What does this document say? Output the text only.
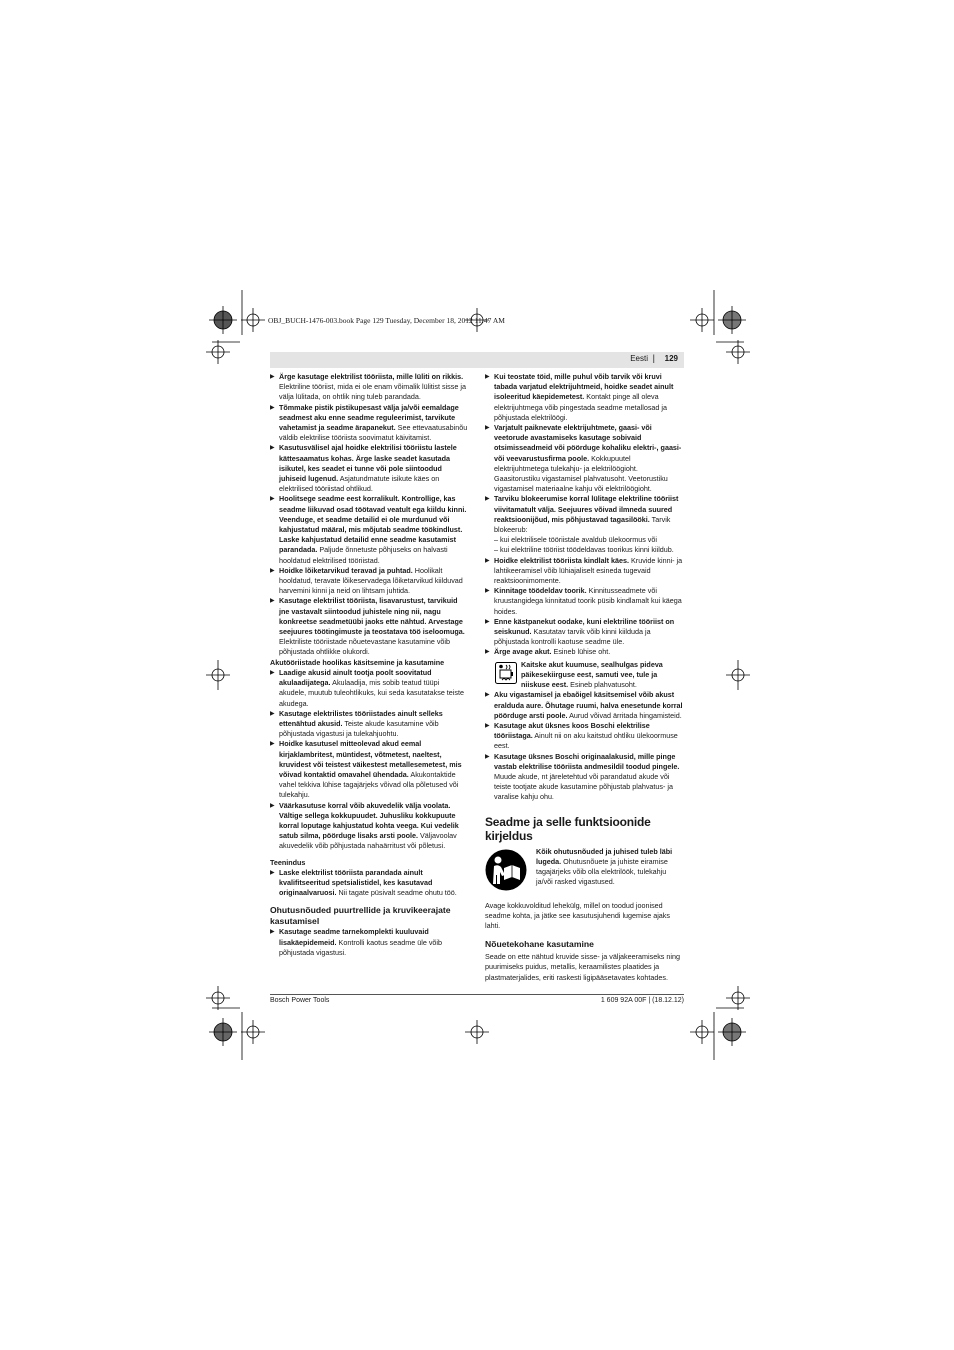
OBJ_BUCH-1476-003.book Page 129 Tuesday, December 18, 2012 11:47 AM
Eesti | 129

▶ Ärge kasutage elektrilist tööriista, mille lüliti on rikkis. Elektriline tööriist, mida ei ole enam võimalik lülitist sisse ja välja lülitada, on ohtlik ning tuleb parandada.

▶ Tõmmake pistik pistikupesast välja ja/või eemaldage seadmest aku enne seadme reguleerimist, tarvikute vahetamist ja seadme ärapanekut. See ettevaatusabinõu väldib elektrilise tööriista soovimatut käivitamist.

▶ Kasutusvälisel ajal hoidke elektrilisi tööriistu lastele kättesaamatus kohas. Ärge laske seadet kasutada isikutel, kes seadet ei tunne või pole siintoodud juhiseid lugenud. Asjatundmatute isikute käes on elektrilised tööriistad ohtlikud.

▶ Hoolitsege seadme eest korralikult. Kontrollige, kas seadme liikuvad osad töötavad veatult ega kiildu kinni. Veenduge, et seadme detailid ei ole murdunud või kahjustatud määral, mis mõjutab seadme töökindlust. Laske kahjustatud detailid enne seadme kasutamist parandada. Paljude õnnetuste põhjuseks on halvasti hooldatud elektrilised tööriistad.

▶ Hoidke lõiketarvikud teravad ja puhtad. Hoolikalt hooldatud, teravate lõikeservadega lõiketarvikud kiilduvad harvemini kinni ja neid on lihtsam juhtida.

▶ Kasutage elektrilist tööriista, lisavarustust, tarvikuid jne vastavalt siintoodud juhistele ning nii, nagu konkreetse seadmetüübi jaoks ette nähtud. Arvestage seejuures töötingimuste ja teostatava töö iseloomuga. Elektriliste tööriistade nõuetevastane kasutamine võib põhjustada ohtlikke olukordi.

Akutööriistade hoolikas käsitsemine ja kasutamine

▶ Laadige akusid ainult tootja poolt soovitatud akulaadijatega. Akulaadija, mis sobib teatud tüüpi akudele, muutub tuleohtlikuks, kui seda kasutatakse teiste akudega.

▶ Kasutage elektrilistes tööriistades ainult selleks ettenähtud akusid. Teiste akude kasutamine võib põhjustada vigastusi ja tulekahjuohtu.

▶ Hoidke kasutusel mitteolevad akud eemal kirjaklambritest, müntidest, võtmetest, naeltest, kruvidest või teistest väikestest metallesemetest, mis võivad kontaktid omavahel ühendada. Akukontaktide vahel tekkiva lühise tagajärjeks võivad olla põletused või tulekahju.

▶ Väärkasutuse korral võib akuvedelik välja voolata. Vältige sellega kokkupuudet. Juhusliku kokkupuute korral loputage kahjustatud kohta veega. Kui vedelik satub silma, pöörduge lisaks arsti poole. Väljavoolav akuvedelik võib põhjustada nahaärritust või põletusi.

Teenindus

▶ Laske elektrilist tööriista parandada ainult kvalifitseeritud spetsialistidel, kes kasutavad originaalvaruosi. Nii tagate püsivalt seadme ohutu töö.

Ohutusnõuded puurtrellide ja kruvikeerajate kasutamisel

▶ Kasutage seadme tarnekomplekti kuuluvaid lisakäepidemeid. Kontrolli kaotus seadme üle võib põhjustada vigastusi.

▶ Kui teostate töid, mille puhul võib tarvik või kruvi tabada varjatud elektrijuhtmeid, hoidke seadet ainult isoleeritud käepidemetest. Kontakt pinge all oleva elektrijuhtmega võib pingestada seadme metallosad ja põhjustada elektrilöögi.

▶ Varjatult paiknevate elektrijuhtmete, gaasi- või veetorude avastamiseks kasutage sobivaid otsimisseadmeid või pöörduge kohaliku elektri-, gaasi- või veevarustusfirma poole. Kokkupuutel elektrijuhtmetega tulekahju- ja elektrilöögioht. Gaasitorustiku vigastamisel plahvatusoht. Veetorustiku vigastamisel materiaalne kahju või elektrilöögioht.

▶ Tarviku blokeerumise korral lülitage elektriline tööriist viivitamatult välja. Seejuures võivad ilmneda suured reaktsioonijõud, mis põhjustavad tagasilööki. Tarvik blokeerub:

– kui elektrilisele tööriistale avaldub ülekoormus või

– kui elektriline tööriist töödeldavas toorikus kinni kiildub.

▶ Hoidke elektrilist tööriista kindlalt käes. Kruvide kinni- ja lahtikeeramisel võib lühiajaliselt esineda tugevaid reaktsioonimomente.

▶ Kinnitage töödeldav toorik. Kinnitusseadmete või kruustangidega kinnitatud toorik püsib kindlamalt kui käega hoides.

▶ Enne kästpanekut oodake, kuni elektriline tööriist on seiskunud. Kasutatav tarvik võib kinni kiilduda ja põhjustada kontrolli kaotuse seadme üle.

▶ Ärge avage akut. Esineb lühise oht.

Kaitske akut kuumuse, sealhulgas pideva päikesekiirguse eest, samuti vee, tule ja niiskuse eest. Esineb plahvatusoht.

▶ Aku vigastamisel ja ebaõigel käsitsemisel võib akust eralduda aure. Õhutage ruumi, halva enesetunde korral pöörduge arsti poole. Aurud võivad ärritada hingamisteid.

▶ Kasutage akut üksnes koos Boschi elektrilise tööriistaga. Ainult nii on aku kaitstud ohtliku ülekoormuse eest.

▶ Kasutage üksnes Boschi originaalakusid, mille pinge vastab elektrilise tööriista andmesildil toodud pingele. Muude akude, nt järeletehtud või parandatud akude või teiste tootjate akude kasutamine põhjustab plahvatus- ja varalise kahju ohu.

Seadme ja selle funktsioonide kirjeldus

Kõik ohutusnõuded ja juhised tuleb läbi lugeda. Ohutusnõuete ja juhiste eiramise tagajärjeks võib olla elektrilöök, tulekahju ja/või rasked vigastused.

Avage kokkuvolditud lehekülg, millel on toodud joonised seadme kohta, ja jätke see kasutusjuhendi lugemise ajaks lahti.

Nõuetekohane kasutamine

Seade on ette nähtud kruvide sisse- ja väljakeeramiseks ning puurimiseks puidus, metallis, keraamilistes plaatides ja plastmaterjalides, eriti raskesti ligipääsetavates kohtades.

Bosch Power Tools	1 609 92A 00F | (18.12.12)
